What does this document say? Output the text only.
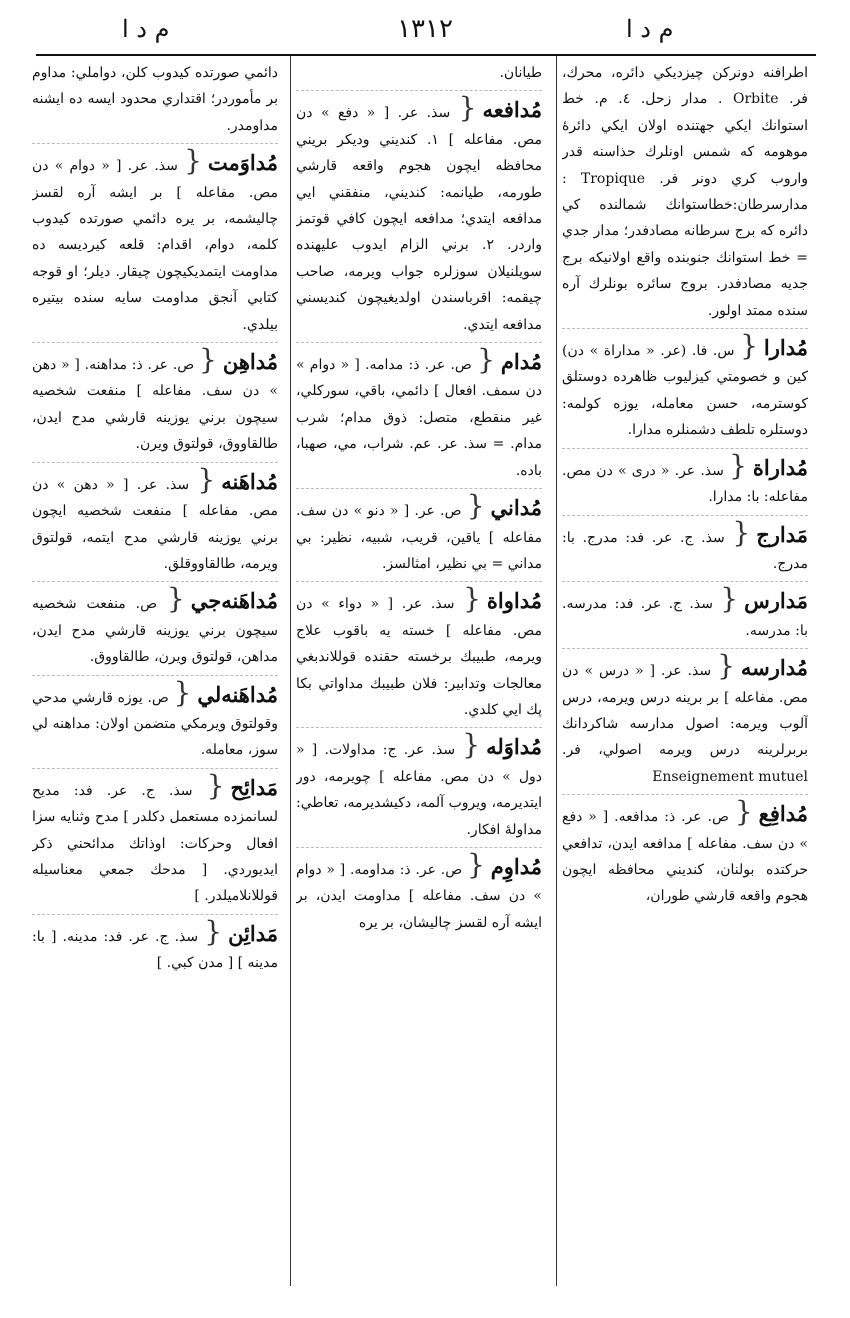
م د ا	١٣١٢	م د ا

اطرافنه دونركن چيزديكي دائره، محرك، فر. Orbite . مدار زحل. ٤. م. خط استوانك ايكي جهتنده اولان ايكي دائرهٔ موهومه كه شمس اونلرك حذاسنه قدر واروب كري دونر فر. Tropique : مدارسرطان:خطاستوانك شمالنده كي دائره كه برج سرطانه مصادفدر؛ مدار جدي = خط استوانك جنوبنده واقع اولانيكه برج جديه مصادفدر. بروج سائره بونلرك آره سنده ممتد اولور.

مُدارا{ س. فا. (عر. « مداراة » دن) كين و خصومتي كيزليوب ظاهرده دوستلق كوسترمه، حسن معامله، يوزه كولمه: دوستلره تلطف دشمنلره مدارا.

مُداراة{ سذ. عر. « درى » دن مص. مفاعله: با: مدارا.

مَدارج{ سذ. ج. عر. فد: مدرج. با: مدرج.

مَدارس{ سذ. ج. عر. فد: مدرسه. با: مدرسه.

مُدارسه{ سذ. عر. [ « درس » دن مص. مفاعله ] بر برينه درس ويرمه، درس آلوب ويرمه: اصول مدارسه شاكردانك بربرلرينه درس ويرمه اصولي، فر. Enseignement mutuel

مُدافِع{ ص. عر. ذ: مدافعه. [ « دفع » دن سف. مفاعله ] مدافعه ايدن، تدافعي حركتده بولنان، كنديني محافظه ايچون هجوم واقعه قارشي طوران،

طيانان.

مُدافعه{ سذ. عر. [ « دفع » دن مص. مفاعله ] ١. كنديني وديكر بريني محافظه ايچون هجوم واقعه قارشي طورمه، طيانمه: كنديني، منفقني ايي مدافعه ايتدي؛ مدافعه ايچون كافي قوتمز واردر. ٢. برني الزام ايدوب عليهنده سويلنيلان سوزلره جواب ويرمه، صاحب چيقمه: اقرباسندن اولديغيچون كنديسني مدافعه ايتدي.

مُدام{ ص. عر. ذ: مدامه. [ « دوام » دن سمف. افعال ] دائمي، باقي، سوركلي، غير منقطع، متصل: ذوق مدام؛ شرب مدام. = سذ. عر. عم. شراب، مي، صهبا، باده.

مُداني{ ص. عر. [ « دنو » دن سف. مفاعله ] ياقين، قريب، شبيه، نظير: بي مداني = بي نظير، امثالسز.

مُداواة{ سذ. عر. [ « دواء » دن مص. مفاعله ] خسته يه باقوب علاج ويرمه، طبيبك برخسته حقنده قوللاندبغي معالجات وتدابير: فلان طبيبك مداواتي بكا پك ايي كلدي.

مُداوَله{ سذ. عر. ج: مداولات. [ « دول » دن مص. مفاعله ] چويرمه، دور ايتديرمه، ويروب آلمه، دكيشديرمه، تعاطي: مداولهٔ افكار.

مُداوِم{ ص. عر. ذ: مداومه. [ « دوام » دن سف. مفاعله ] مداومت ايدن، بر ايشه آره لقسز چاليشان، بر يره

دائمي صورتده كيدوب كلن، دواملي: مداوم بر مأموردر؛ اقتداري محدود ايسه ده ايشنه مداومدر.

مُداوَمت{ سذ. عر. [ « دوام » دن مص. مفاعله ] بر ايشه آره لقسز چاليشمه، بر يره دائمي صورتده كيدوب كلمه، دوام، اقدام: قلعه كيرديسه ده مداومت ايتمديكيچون چيقار. ديلر؛ او قوجه كتابي آنجق مداومت سايه سنده بيتيره بيلدي.

مُداهِن{ ص. عر. ذ: مداهنه. [ « دهن » دن سف. مفاعله ] منفعت شخصيه سيچون برني يوزينه قارشي مدح ايدن، طالقاووق، قولتوق ويرن.

مُداهَنه{ سذ. عر. [ « دهن » دن مص. مفاعله ] منفعت شخصيه ايچون برني يوزينه قارشي مدح ايتمه، قولتوق ويرمه، طالقاووقلق.

مُداهَنه‌جي{ ص. منفعت شخصيه سيچون برني يوزينه قارشي مدح ايدن، مداهن، قولتوق ويرن، طالقاووق.

مُداهَنه‌لي{ ص. يوزه قارشي مدحي وقولتوق ويرمكي متضمن اولان: مداهنه لي سوز، معامله.

مَدائِح{ سذ. ج. عر. فد: مديح لسانمزده مستعمل دكلدر ] مدح وثنايه سزا افعال وحركات: اوذاتك مدائحني ذكر ايديوردي. [ مدحك جمعي معناسيله قوللانلاميلدر. ]

مَدائِن{ سذ. ج. عر. فد: مدينه. [ با: مدينه ] [ مدن كبي. ]
